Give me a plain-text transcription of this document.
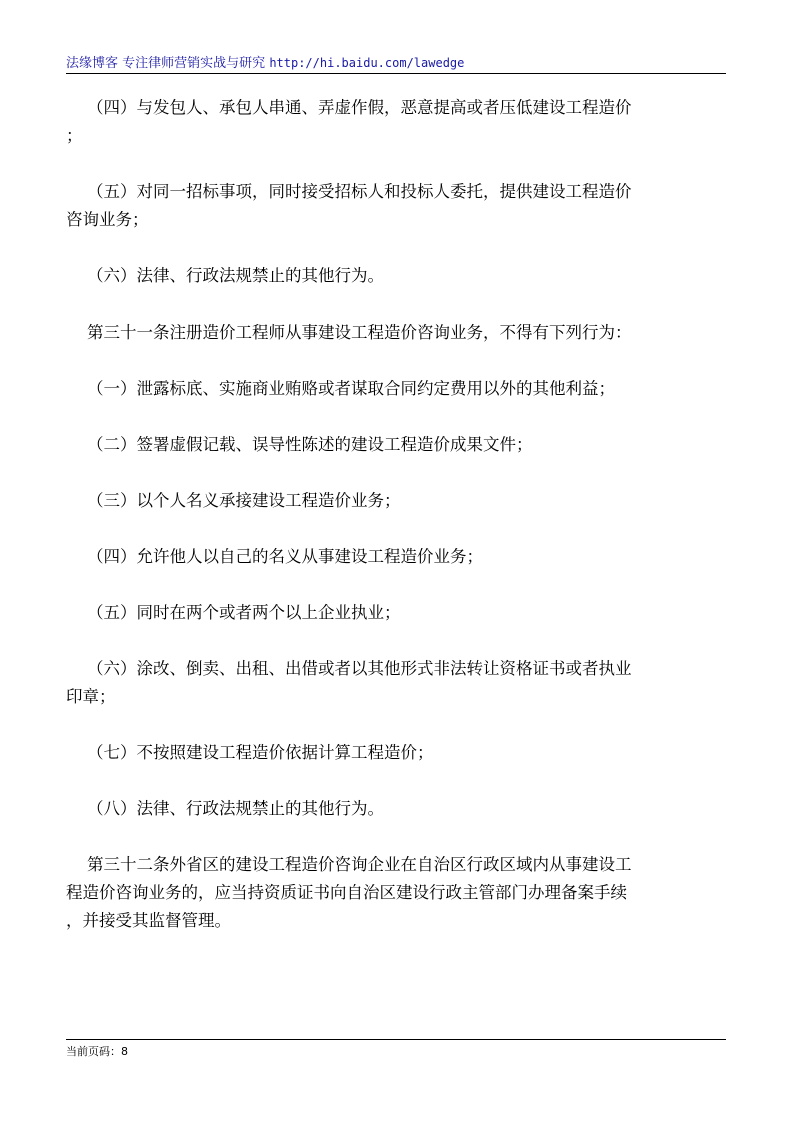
法缘博客 专注律师营销实战与研究 http://hi.baidu.com/lawedge

（四）与发包人、承包人串通、弄虚作假，恶意提高或者压低建设工程造价
；

（五）对同一招标事项，同时接受招标人和投标人委托，提供建设工程造价
咨询业务；

（六）法律、行政法规禁止的其他行为。

第三十一条注册造价工程师从事建设工程造价咨询业务，不得有下列行为：

（一）泄露标底、实施商业贿赂或者谋取合同约定费用以外的其他利益；

（二）签署虚假记载、误导性陈述的建设工程造价成果文件；

（三）以个人名义承接建设工程造价业务；

（四）允许他人以自己的名义从事建设工程造价业务；

（五）同时在两个或者两个以上企业执业；

（六）涂改、倒卖、出租、出借或者以其他形式非法转让资格证书或者执业
印章；

（七）不按照建设工程造价依据计算工程造价；

（八）法律、行政法规禁止的其他行为。

第三十二条外省区的建设工程造价咨询企业在自治区行政区域内从事建设工
程造价咨询业务的，应当持资质证书向自治区建设行政主管部门办理备案手续
，并接受其监督管理。

当前页码：8
